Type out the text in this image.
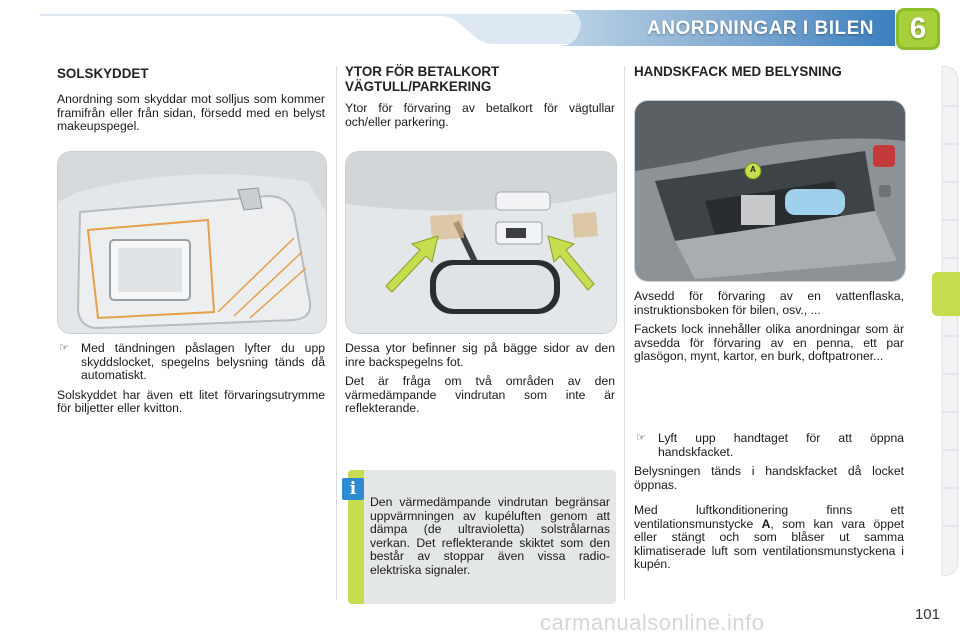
ANORDNINGAR I BILEN	6
SOLSKYDDET

Anordning som skyddar mot solljus som kommer framifrån eller från sidan, försedd med en belyst makeupspegel.

☞ Med tändningen påslagen lyfter du upp skyddslocket, spegelns belysning tänds då automatiskt.

Solskyddet har även ett litet förvaringsutrymme för biljetter eller kvitton.

YTOR FÖR BETALKORT VÄGTULL/PARKERING

Ytor för förvaring av betalkort för vägtullar och/eller parkering.

Dessa ytor befinner sig på bägge sidor av den inre backspegelns fot.

Det är fråga om två områden av den värmedämpande vindrutan som inte är reflekterande.

i
Den värmedämpande vindrutan begränsar uppvärmningen av kupéluften genom att dämpa (de ultravioletta) solstrålarnas verkan. Det reflekterande skiktet som den består av stoppar även vissa radio-elektriska signaler.
HANDSKFACK MED BELYSNING
A

Avsedd för förvaring av en vattenflaska, instruktionsboken för bilen, osv., ...

Fackets lock innehåller olika anordningar som är avsedda för förvaring av en penna, ett par glasögon, mynt, kartor, en burk, doftpatroner...

☞ Lyft upp handtaget för att öppna handskfacket.

Belysningen tänds i handskfacket då locket öppnas.

Med luftkonditionering finns ett ventilationsmunstycke A, som kan vara öppet eller stängt och som blåser ut samma klimatiserade luft som ventilationsmunstyckena i kupén.

carmanualsonline.info	101
